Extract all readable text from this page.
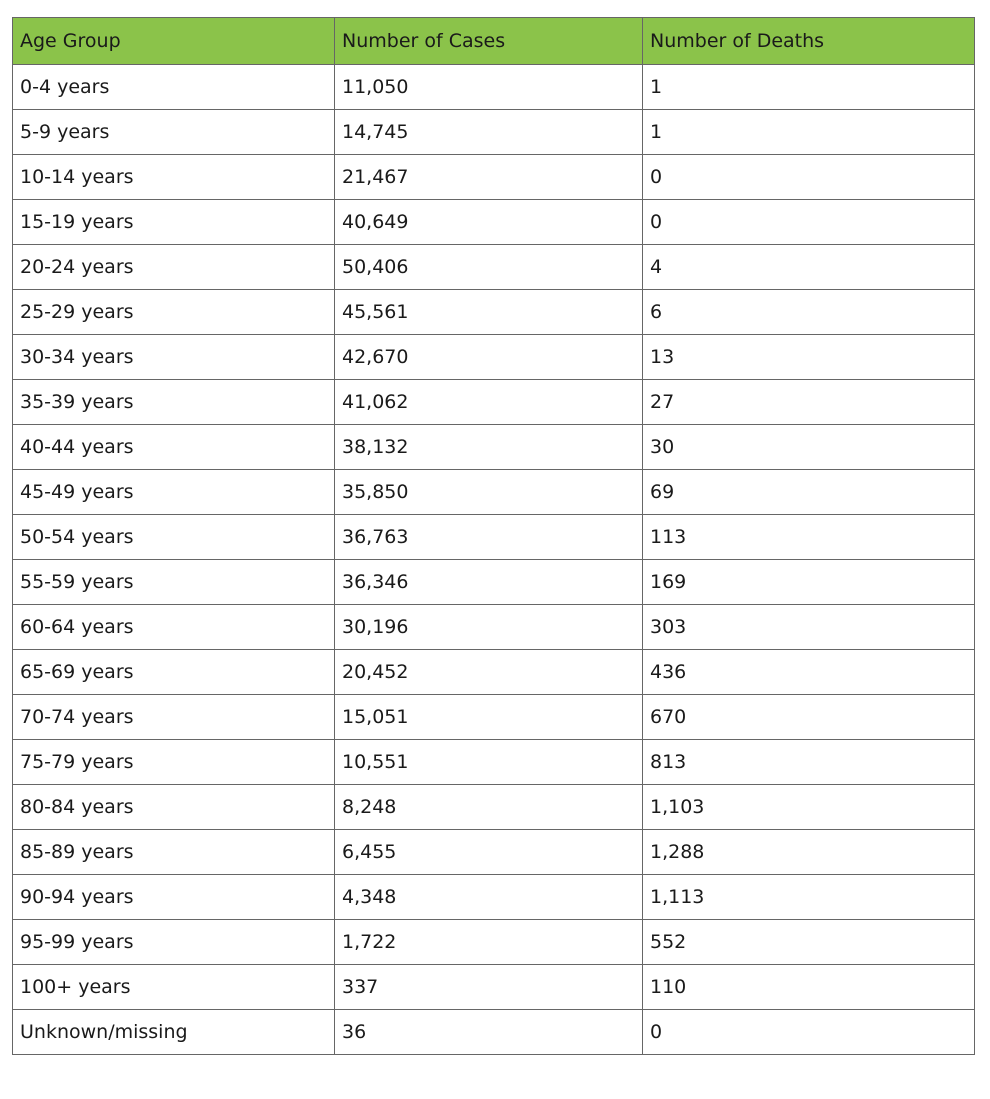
Age Group	Number of Cases	Number of Deaths
0-4 years	11,050	1
5-9 years	14,745	1
10-14 years	21,467	0
15-19 years	40,649	0
20-24 years	50,406	4
25-29 years	45,561	6
30-34 years	42,670	13
35-39 years	41,062	27
40-44 years	38,132	30
45-49 years	35,850	69
50-54 years	36,763	113
55-59 years	36,346	169
60-64 years	30,196	303
65-69 years	20,452	436
70-74 years	15,051	670
75-79 years	10,551	813
80-84 years	8,248	1,103
85-89 years	6,455	1,288
90-94 years	4,348	1,113
95-99 years	1,722	552
100+ years	337	110
Unknown/missing	36	0
